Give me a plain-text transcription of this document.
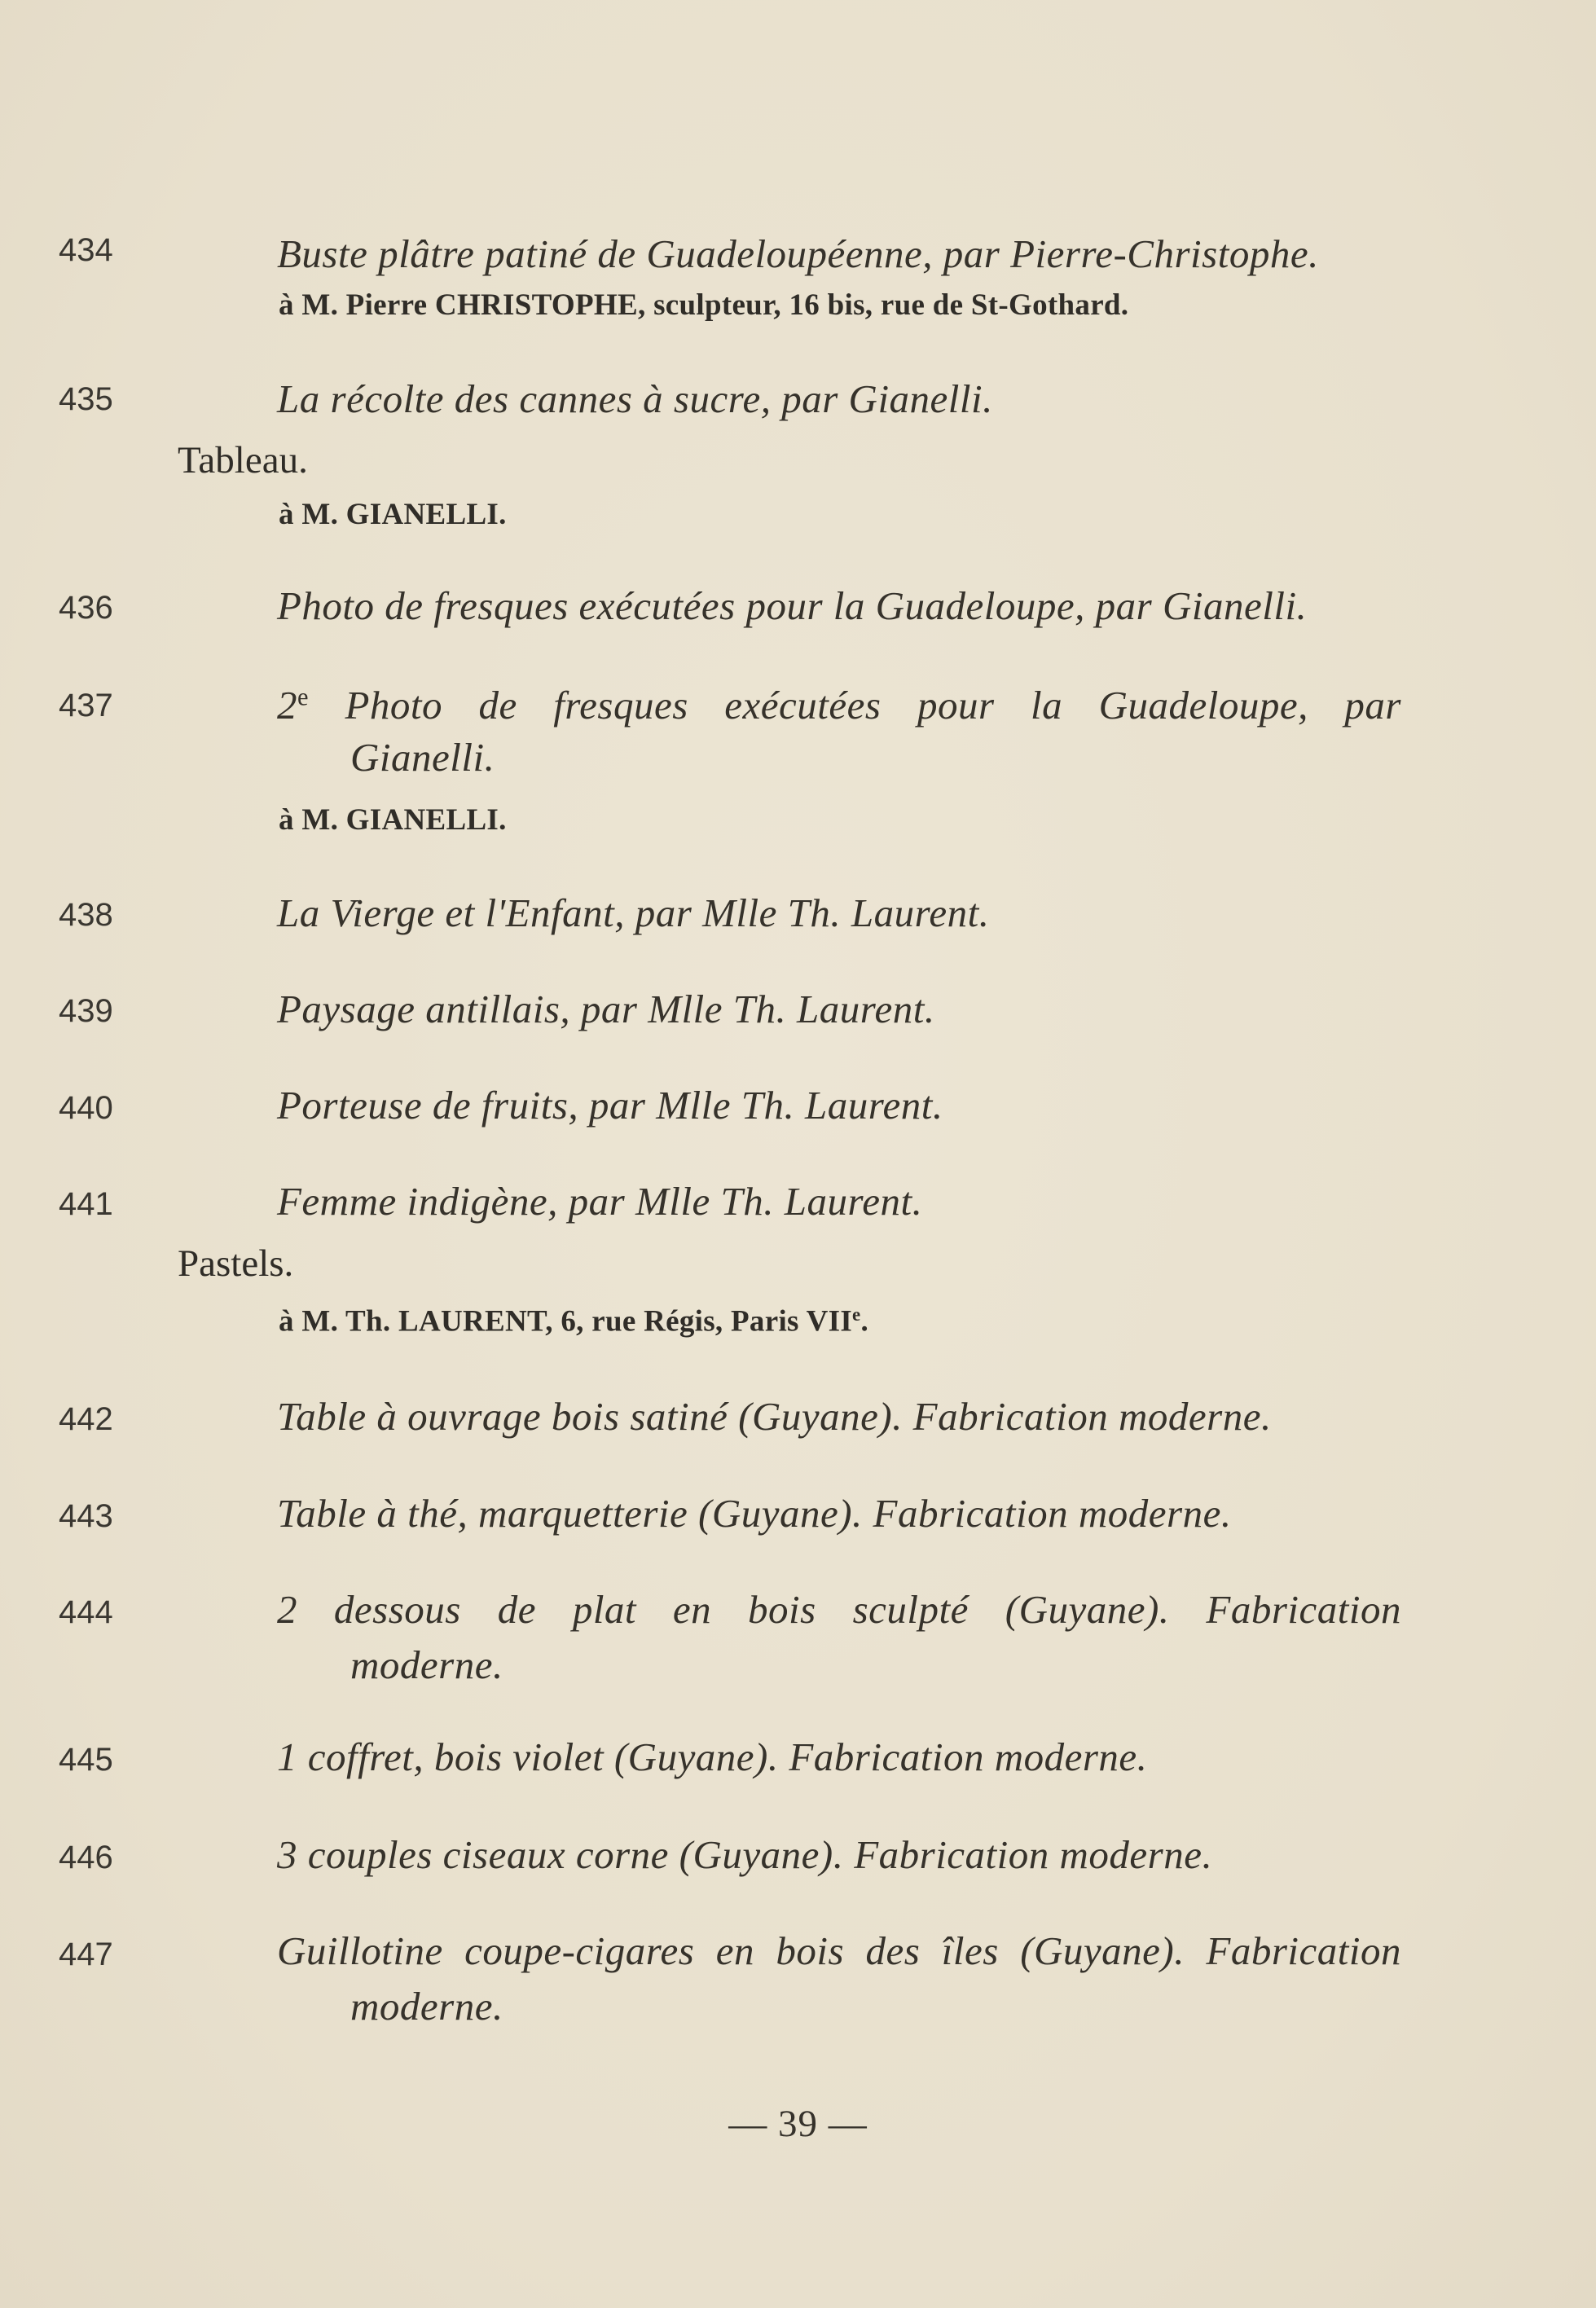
434	Buste plâtre patiné de Guadeloupéenne, par Pierre-Christophe.
à M. Pierre CHRISTOPHE, sculpteur, 16 bis, rue de St-Gothard.
435	La récolte des cannes à sucre, par Gianelli.
Tableau.
à M. GIANELLI.
436	Photo de fresques exécutées pour la Guadeloupe, par Gianelli.
437	2e Photo de fresques exécutées pour la Guadeloupe, par
Gianelli.
à M. GIANELLI.
438	La Vierge et l'Enfant, par Mlle Th. Laurent.
439	Paysage antillais, par Mlle Th. Laurent.
440	Porteuse de fruits, par Mlle Th. Laurent.
441	Femme indigène, par Mlle Th. Laurent.
Pastels.
à M. Th. LAURENT, 6, rue Régis, Paris VIIe.
442	Table à ouvrage bois satiné (Guyane). Fabrication moderne.
443	Table à thé, marquetterie (Guyane). Fabrication moderne.
444	2 dessous de plat en bois sculpté (Guyane). Fabrication
moderne.
445	1 coffret, bois violet (Guyane). Fabrication moderne.
446	3 couples ciseaux corne (Guyane). Fabrication moderne.
447	Guillotine coupe-cigares en bois des îles (Guyane). Fabrication
moderne.
— 39 —
